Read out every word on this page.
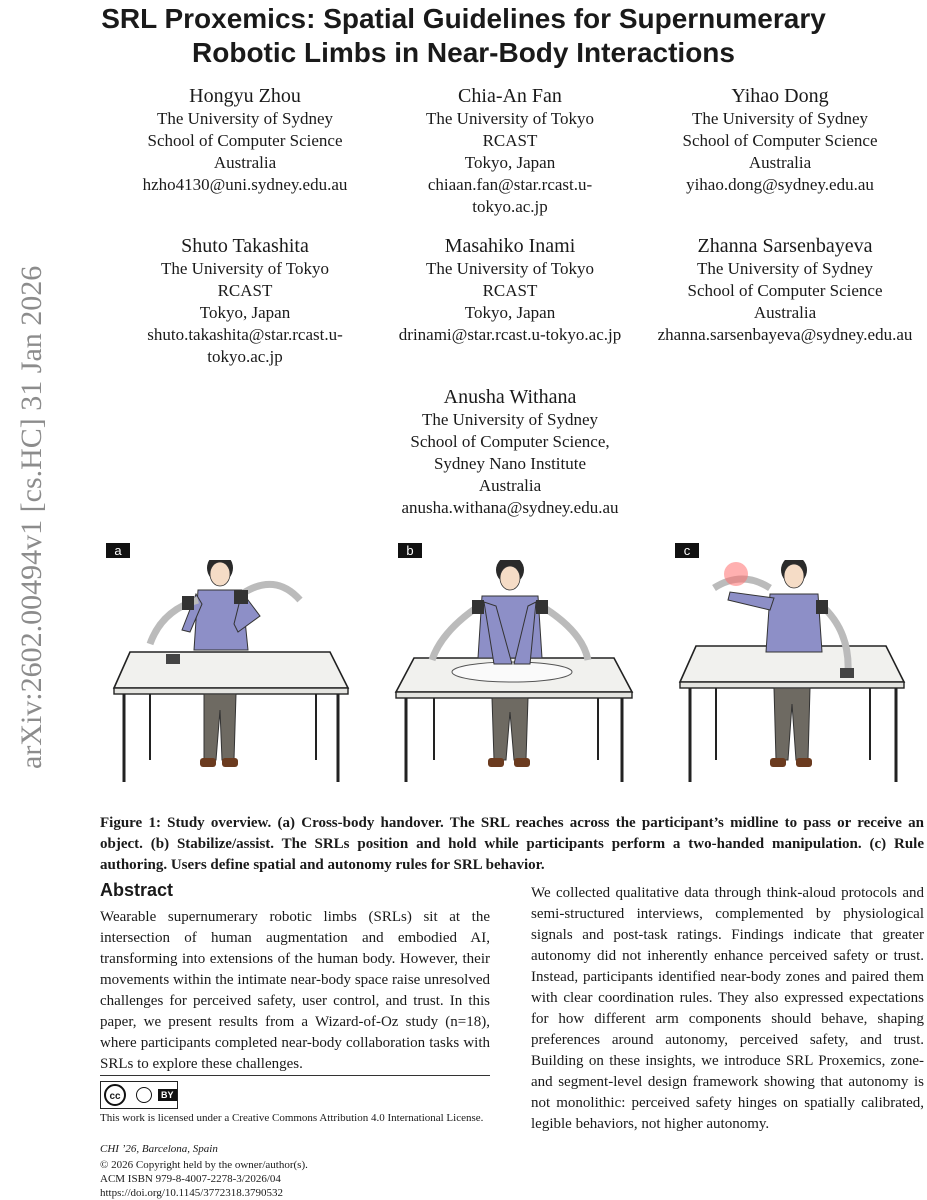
SRL Proxemics: Spatial Guidelines for Supernumerary
Robotic Limbs in Near-Body Interactions
arXiv:2602.00494v1 [cs.HC] 31 Jan 2026
Hongyu Zhou
The University of Sydney
School of Computer Science
Australia
hzho4130@uni.sydney.edu.au
Chia-An Fan
The University of Tokyo
RCAST
Tokyo, Japan
chiaan.fan@star.rcast.u-
tokyo.ac.jp
Yihao Dong
The University of Sydney
School of Computer Science
Australia
yihao.dong@sydney.edu.au
Shuto Takashita
The University of Tokyo
RCAST
Tokyo, Japan
shuto.takashita@star.rcast.u-
tokyo.ac.jp
Masahiko Inami
The University of Tokyo
RCAST
Tokyo, Japan
drinami@star.rcast.u-tokyo.ac.jp
Zhanna Sarsenbayeva
The University of Sydney
School of Computer Science
Australia
zhanna.sarsenbayeva@sydney.edu.au
Anusha Withana
The University of Sydney
School of Computer Science,
Sydney Nano Institute
Australia
anusha.withana@sydney.edu.au
a	b	c
Figure 1: Study overview. (a) Cross-body handover. The SRL reaches across the participant’s midline to pass or receive an object. (b) Stabilize/assist. The SRLs position and hold while participants perform a two-handed manipulation. (c) Rule authoring. Users define spatial and autonomy rules for SRL behavior.
Abstract
Wearable supernumerary robotic limbs (SRLs) sit at the intersection of human augmentation and embodied AI, transforming into extensions of the human body. However, their movements within the intimate near-body space raise unresolved challenges for perceived safety, user control, and trust. In this paper, we present results from a Wizard-of-Oz study (n=18), where participants completed near-body collaboration tasks with SRLs to explore these challenges.
We collected qualitative data through think-aloud protocols and semi-structured interviews, complemented by physiological signals and post-task ratings. Findings indicate that greater autonomy did not inherently enhance perceived safety or trust. Instead, participants identified near-body zones and paired them with clear coordination rules. They also expressed expectations for how different arm components should behave, shaping preferences around autonomy, perceived safety, and trust. Building on these insights, we introduce SRL Proxemics, zone- and segment-level design framework showing that autonomy is not monolithic: perceived safety hinges on spatially calibrated, legible behaviors, not higher autonomy.
cc	BY
This work is licensed under a Creative Commons Attribution 4.0 International License.
CHI ’26, Barcelona, Spain
© 2026 Copyright held by the owner/author(s).
ACM ISBN 979-8-4007-2278-3/2026/04
https://doi.org/10.1145/3772318.3790532
